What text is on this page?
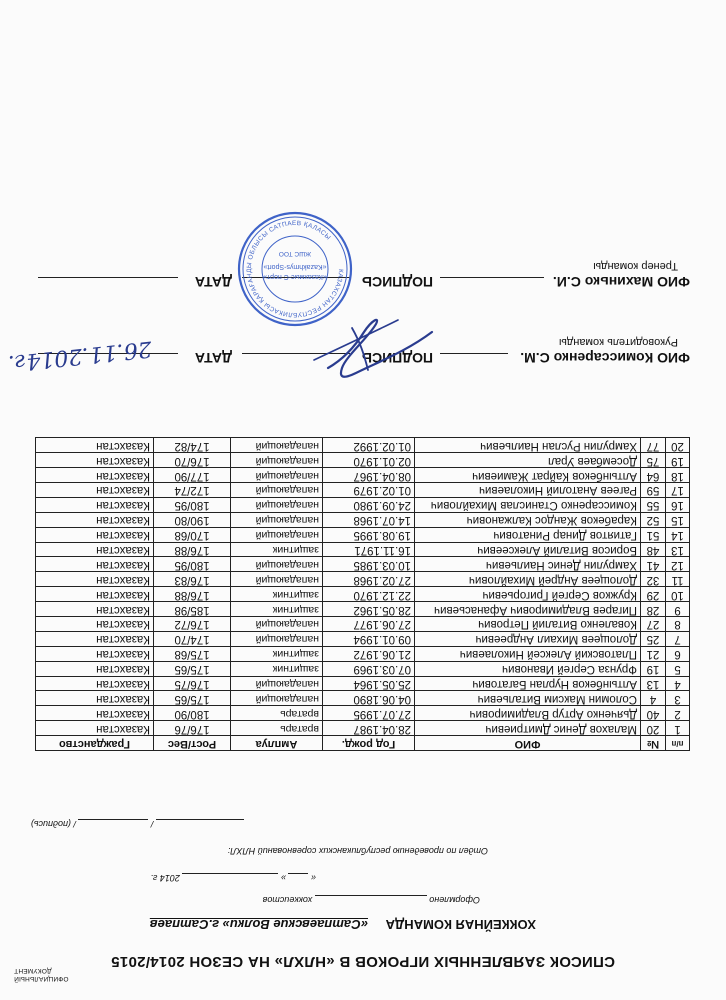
ОФИЦИАЛЬНЫЙ ДОКУМЕНТ
СПИСОК ЗАЯВЛЕННЫХ ИГРОКОВ В «НЛХЛ» НА СЕЗОН 2014/2015
ХОККЕЙНАЯ КОМАНДА «Сатпаевские Волки» г.Сатпаев
Оформлено  хоккеистов
«  »  2014 г.
Отдел по проведению республиканских соревнований НЛХЛ:
/  / (подпись)
п/п	№	ФИО	Год рожд.	Амплуа	Рост/Вес	Гражданство
1	20	Малахов Денис Дмитриевич	28.04.1987	вратарь	176/76	Казахстан
2	40	Дьяченко Артур Владимирович	27.07.1995	вратарь	180/90	Казахстан
3	4	Соломин Максим Витальевич	04.06.1890	нападающий	175/65	Казахстан
4	13	Алтынбеков Нурлан Багатович	25.05.1964	нападающий	176/75	Казахстан
5	19	Фрунза Сергей Иванович	07.03.1969	защитник	175/65	Казахстан
6	21	Платовский Алексей Николаевич	21.06.1972	защитник	175/68	Казахстан
7	25	Долощеев Михаил Андреевич	09.01.1994	нападающий	174/70	Казахстан
8	27	Коваленко Виталий Петрович	27.06.1977	нападающий	176/72	Казахстан
9	28	Пигарев Владимирович Афанасьевич	28.05.1962	защитник	185/98	Казахстан
10	29	Кружков Сергей Григорьевич	22.12.1970	защитник	176/88	Казахстан
11	32	Долощеев Андрей Михайлович	27.02.1968	нападающий	176/83	Казахстан
12	41	Хамрулин Денис Наильевич	10.03.1985	нападающий	180/95	Казахстан
13	48	Борисов Виталий Алексеевич	16.11.1971	защитник	176/88	Казахстан
14	51	Гатиятов Динар Ринатович	19.08.1995	нападающий	170/68	Казахстан
15	52	Карабеков Жандос Калжанович	14.07.1968	нападающий	190/80	Казахстан
16	55	Комиссаренко Станислав Михайлович	24.09.1980	нападающий	180/95	Казахстан
17	59	Рагеев Анатолий Николаевич	01.02.1979	нападающий	172/74	Казахстан
18	64	Алтынбеков Кайрат Жамиевич	08.04.1967	нападающий	177/90	Казахстан
19	75	Досембаев Урал	02.01.1970	нападающий	176/70	Казахстан
20	77	Хамрулин Руслан Наильевич	01.02.1992	нападающий	174/82	Казахстан
ФИО Комиссаренко С.М.
ПОДПИСЬ
ДАТА
Руководитель команды
ФИО Махинько С.И.
ПОДПИСЬ
ДАТА
Тренер команды
26.11.2014г.
КАЗАХСТАН РЕСПУБЛИКАСЫ ҚАРАҒАНДЫ ОБЛЫСЫ САТПАЕВ ҚАЛАСЫ
«Казахмыс-С порт»
«Kazakhmys-Sport»
ЖШС ТОО
